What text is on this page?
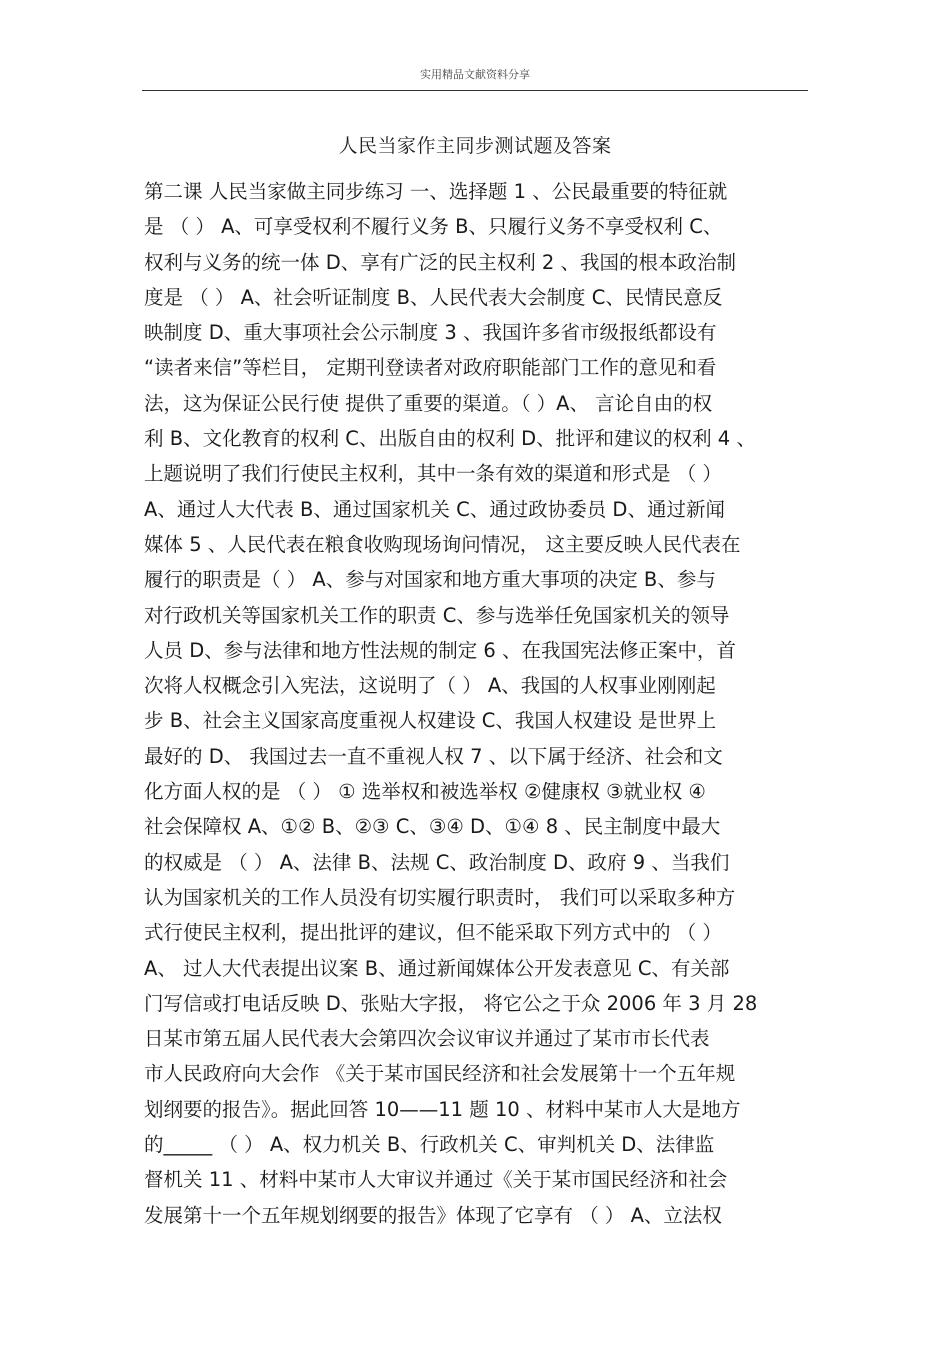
实用精品文献资料分享
人民当家作主同步测试题及答案
第二课 人民当家做主同步练习 一、选择题 1 、公民最重要的特征就
是 （ ） A、可享受权利不履行义务 B、只履行义务不享受权利 C、
权利与义务的统一体 D、享有广泛的民主权利 2 、我国的根本政治制
度是 （ ） A、社会听证制度 B、人民代表大会制度 C、民情民意反
映制度 D、重大事项社会公示制度 3 、我国许多省市级报纸都设有
“读者来信”等栏目， 定期刊登读者对政府职能部门工作的意见和看
法，这为保证公民行使 提供了重要的渠道。（ ）A、 言论自由的权
利 B、文化教育的权利 C、出版自由的权利 D、批评和建议的权利 4 、
上题说明了我们行使民主权利，其中一条有效的渠道和形式是 （ ）
A、通过人大代表 B、通过国家机关 C、通过政协委员 D、通过新闻
媒体 5 、人民代表在粮食收购现场询问情况， 这主要反映人民代表在
履行的职责是（ ） A、参与对国家和地方重大事项的决定 B、参与
对行政机关等国家机关工作的职责 C、参与选举任免国家机关的领导
人员 D、参与法律和地方性法规的制定 6 、在我国宪法修正案中，首
次将人权概念引入宪法，这说明了（ ） A、我国的人权事业刚刚起
步 B、社会主义国家高度重视人权建设 C、我国人权建设 是世界上
最好的 D、 我国过去一直不重视人权 7 、以下属于经济、社会和文
化方面人权的是 （ ） ① 选举权和被选举权 ②健康权 ③就业权 ④
社会保障权 A、①② B、②③ C、③④ D、①④ 8 、民主制度中最大
的权威是 （ ） A、法律 B、法规 C、政治制度 D、政府 9 、当我们
认为国家机关的工作人员没有切实履行职责时， 我们可以采取多种方
式行使民主权利，提出批评的建议，但不能采取下列方式中的 （ ）
A、 过人大代表提出议案 B、通过新闻媒体公开发表意见 C、有关部
门写信或打电话反映 D、张贴大字报， 将它公之于众 2006 年 3 月 28
日某市第五届人民代表大会第四次会议审议并通过了某市市长代表
市人民政府向大会作 《关于某市国民经济和社会发展第十一个五年规
划纲要的报告》。据此回答 10——11 题 10 、材料中某市人大是地方
的_____ （ ） A、权力机关 B、行政机关 C、审判机关 D、法律监
督机关 11 、材料中某市人大审议并通过《关于某市国民经济和社会
发展第十一个五年规划纲要的报告》体现了它享有 （ ） A、立法权
